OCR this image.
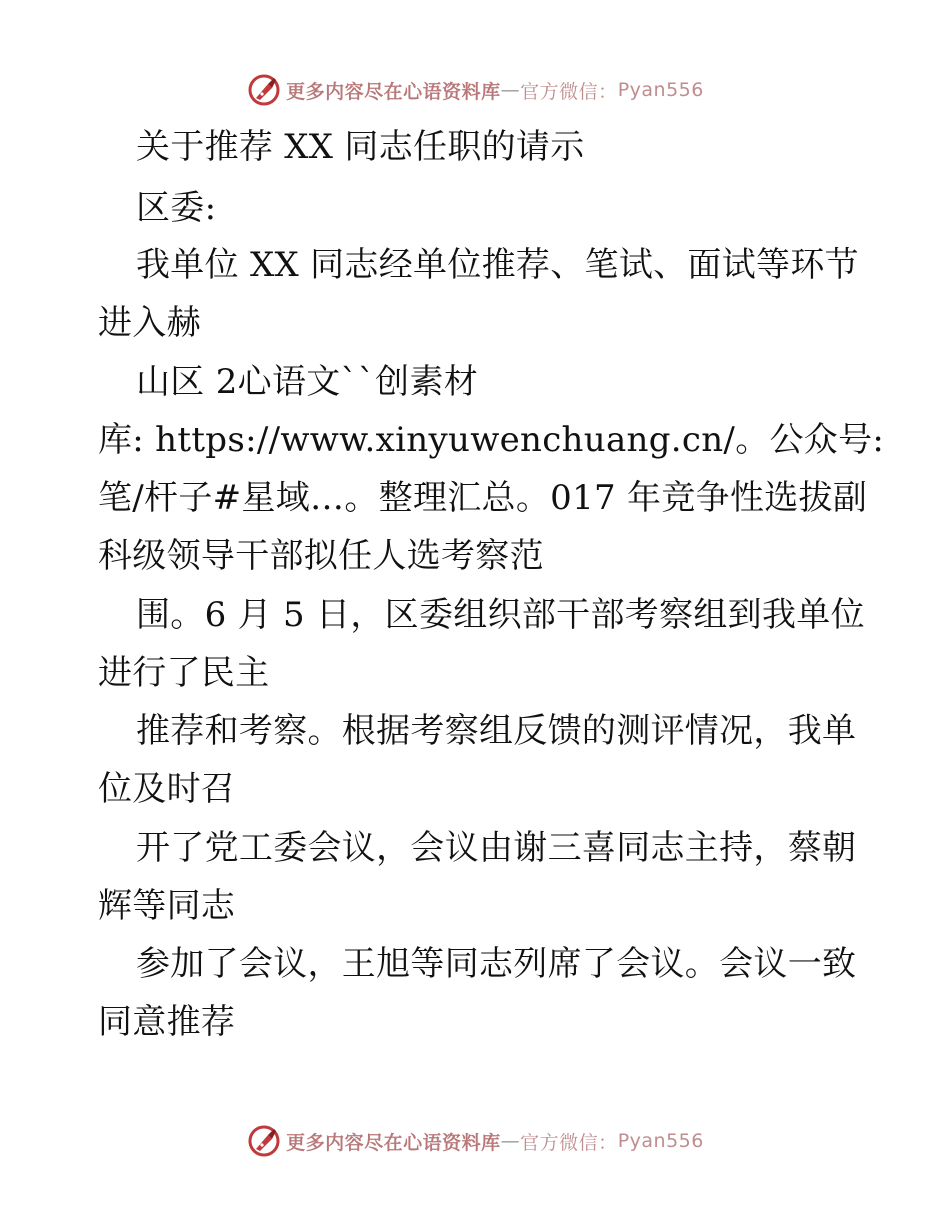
更多内容尽在心语资料库 — 官方微信： Pyan556
关于推荐 XX 同志任职的请示
区委:
我单位 XX 同志经单位推荐、笔试、面试等环节
进入赫
山区 2心语文``创素材
库: https://www.xinyuwenchuang.cn/。公众号:
笔/杆子#星域…。整理汇总。017 年竞争性选拔副
科级领导干部拟任人选考察范
围。6 月 5 日，区委组织部干部考察组到我单位
进行了民主
推荐和考察。根据考察组反馈的测评情况，我单
位及时召
开了党工委会议，会议由谢三喜同志主持，蔡朝
辉等同志
参加了会议，王旭等同志列席了会议。会议一致
同意推荐
更多内容尽在心语资料库 — 官方微信： Pyan556
